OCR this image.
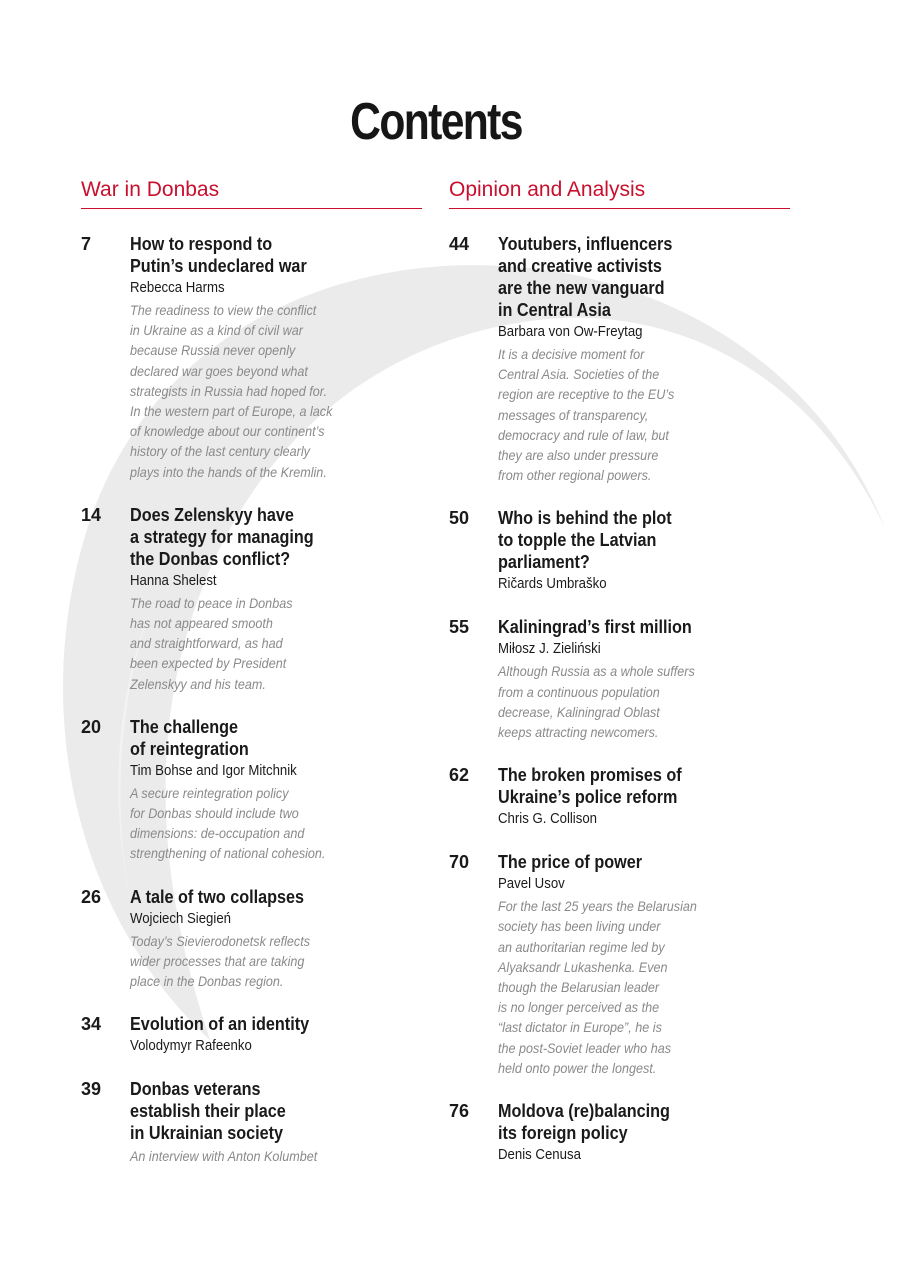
Contents
War in Donbas
7	How to respond to
Putin’s undeclared war
Rebecca Harms
The readiness to view the conflict
in Ukraine as a kind of civil war
because Russia never openly
declared war goes beyond what
strategists in Russia had hoped for.
In the western part of Europe, a lack
of knowledge about our continent’s
history of the last century clearly
plays into the hands of the Kremlin.
14	Does Zelenskyy have
a strategy for managing
the Donbas conflict?
Hanna Shelest
The road to peace in Donbas
has not appeared smooth
and straightforward, as had
been expected by President
Zelenskyy and his team.
20	The challenge
of reintegration
Tim Bohse and Igor Mitchnik
A secure reintegration policy
for Donbas should include two
dimensions: de-occupation and
strengthening of national cohesion.
26	A tale of two collapses
Wojciech Siegień
Today’s Sievierodonetsk reflects
wider processes that are taking
place in the Donbas region.
34	Evolution of an identity
Volodymyr Rafeenko
39	Donbas veterans
establish their place
in Ukrainian society
An interview with Anton Kolumbet
Opinion and Analysis
44	Youtubers, influencers
and creative activists
are the new vanguard
in Central Asia
Barbara von Ow-Freytag
It is a decisive moment for
Central Asia. Societies of the
region are receptive to the EU’s
messages of transparency,
democracy and rule of law, but
they are also under pressure
from other regional powers.
50	Who is behind the plot
to topple the Latvian
parliament?
Ričards Umbraško
55	Kaliningrad’s first million
Miłosz J. Zieliński
Although Russia as a whole suffers
from a continuous population
decrease, Kaliningrad Oblast
keeps attracting newcomers.
62	The broken promises of
Ukraine’s police reform
Chris G. Collison
70	The price of power
Pavel Usov
For the last 25 years the Belarusian
society has been living under
an authoritarian regime led by
Alyaksandr Lukashenka. Even
though the Belarusian leader
is no longer perceived as the
“last dictator in Europe”, he is
the post-Soviet leader who has
held onto power the longest.
76	Moldova (re)balancing
its foreign policy
Denis Cenusa
